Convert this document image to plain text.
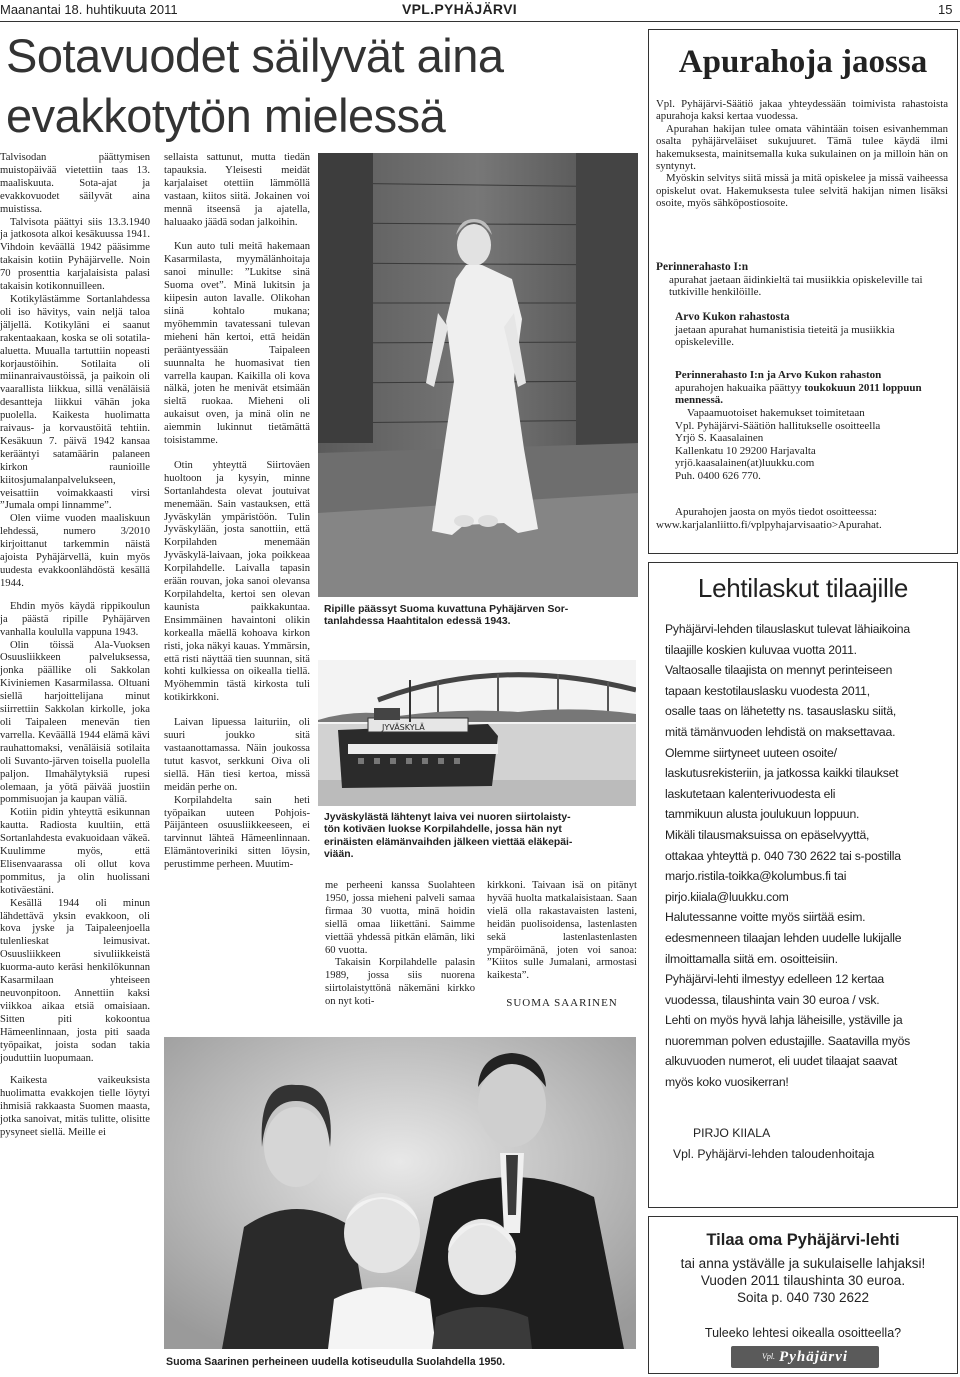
Maanantai 18. huhtikuuta 2011	VPL.PYHÄJÄRVI	15
Sotavuodet säilyvät aina
evakkotytön mielessä

Talvisodan päättymisen muistopäivää vietettiin taas 13. maaliskuuta. Sota-ajat ja evakkovuodet säilyvät aina muistissa.

Talvisota päättyi siis 13.3.1940 ja jatkosota alkoi kesäkuussa 1941. Vihdoin keväällä 1942 pääsimme takaisin kotiin Pyhäjärvelle. Noin 70 prosenttia karjalaisista palasi takaisin kotikonnuilleen.

Kotikylästämme Sortanlahdessa oli iso hävitys, vain neljä taloa jäljellä. Kotikyläni ei saanut rakentaakaan, koska se oli sotatila-aluetta. Muualla tartuttiin nopeasti korjaustöihin. Sotilaita oli miinanraivaustöissä, ja paikoin oli vaarallista liikkua, sillä venäläisiä desantteja liikkui vähän joka puolella. Kaikesta huolimatta raivaus- ja korvaustöitä tehtiin. Kesäkuun 7. päivä 1942 kansaa kerääntyi satamäärin palaneen kirkon raunioille kiitosjumalanpalvelukseen, veisattiin voimakkaasti virsi ”Jumala ompi linnamme”.

Olen viime vuoden maaliskuun lehdessä, numero 3/2010 kirjoittanut tarkemmin näistä ajoista Pyhäjärvellä, kuin myös uudesta evakkoonlähdöstä kesällä 1944.

Ehdin myös käydä rippikoulun ja päästä ripille Pyhäjärven vanhalla koululla vappuna 1943.

Olin töissä Ala-Vuoksen Osuusliikkeen palveluksessa, jonka päällike oli Sakkolan Kiviniemen Kasarmilassa. Oltuani siellä harjoittelijana minut siirrettiin Sakkolan kirkolle, joka oli Taipaleen menevän tien varrella. Keväällä 1944 elämä kävi rauhattomaksi, venäläisiä sotilaita oli Suvanto-järven toisella puolella paljon. Ilmahälytyksiä rupesi olemaan, ja yötä päivää juostiin pommisuojan ja kaupan väliä.

Kotiin pidin yhteyttä esikunnan kautta. Radiosta kuultiin, että Sortanlahdesta evakuoidaan väkeä. Kuulimme myös, että Elisenvaarassa oli ollut kova pommitus, ja olin huolissani kotiväestäni.

Kesällä 1944 oli minun lähdettävä yksin evakkoon, oli kova jyske ja Taipaleenjoella tulenlieskat leimusivat. Osuusliikkeen sivuliikkeistä kuorma-auto keräsi henkilökunnan Kasarmilaan yhteiseen neuvonpitoon. Annettiin kaksi viikkoa aikaa etsiä omaisiaan. Sitten piti kokoontua Hämeenlinnaan, josta piti saada työpaikat, joista sodan takia jouduttiin luopumaan.

Kaikesta vaikeuksista huolimatta evakkojen tielle löytyi ihmisiä rakkaasta Suomen maasta, jotka sanoivat, mitäs tulitte, olisitte pysyneet siellä. Meille ei

sellaista sattunut, mutta tiedän tapauksia. Yleisesti meidät karjalaiset otettiin lämmöllä vastaan, kiitos siitä. Jokainen voi mennä itseensä ja ajatella, haluaako jäädä sodan jalkoihin.

Kun auto tuli meitä hakemaan Kasarmilasta, myymälänhoitaja sanoi minulle: ”Lukitse sinä Suoma ovet”. Minä lukitsin ja kiipesin auton lavalle. Olikohan siinä kohtalo mukana; myöhemmin tavatessani tulevan mieheni hän kertoi, että heidän perääntyessään Taipaleen suunnalta he huomasivat tien varrella kaupan. Kaikilla oli kova nälkä, joten he menivät etsimään sieltä ruokaa. Mieheni oli aukaisut oven, ja minä olin ne aiemmin lukinnut tietämättä toisistamme.

Otin yhteyttä Siirtoväen huoltoon ja kysyin, minne Sortanlahdesta olevat joutuivat menemään. Sain vastauksen, että Jyväskylän ympäristöön. Tulin Jyväskylään, josta sanottiin, että Korpilahden menemään Jyväskylä-laivaan, joka poikkeaa Korpilahdelle. Laivalla tapasin erään rouvan, joka sanoi olevansa Korpilahdelta, kertoi sen olevan kaunista paikkakuntaa. Ensimmäinen havaintoni olikin korkealla mäellä kohoava kirkon risti, joka näkyi kauas. Ymmärsin, että risti näyttää tien suunnan, sitä kohti kulkiessa on oikealla tiellä. Myöhemmin tästä kirkosta tuli kotikirkkoni.

Laivan lipuessa laituriin, oli suuri joukko sitä vastaanottamassa. Näin joukossa tutut kasvot, serkkuni Oiva oli siellä. Hän tiesi kertoa, missä meidän perhe on.

Korpilahdelta sain heti työpaikan uuteen Pohjois-Päijänteen osuusliikkeeseen, ei tarvinnut lähteä Hämeenlinnaan. Elämäntoveriniki sitten löysin, perustimme perheen. Muutim-

Ripille päässyt Suoma kuvattuna Pyhäjärven Sor-
tanlahdessa Haahtitalon edessä 1943.
JYVÄSKYLÄ
Jyväskylästä lähtenyt laiva vei nuoren siirtolaisty-
tön kotiväen luokse Korpilahdelle, jossa hän nyt
erinäisten elämänvaihden jälkeen viettää eläkepäi-
viään.

me perheeni kanssa Suolahteen 1950, jossa mieheni palveli samaa firmaa 30 vuotta, minä hoidin siellä omaa liikettäni. Saimme viettää yhdessä pitkän elämän, liki 60 vuotta.

Takaisin Korpilahdelle palasin 1989, jossa siis nuorena siirtolaistyttönä näkemäni kirkko on nyt koti-

kirkkoni. Taivaan isä on pitänyt hyvää huolta matkalaisistaan. Saan vielä olla rakastavaisten lasteni, heidän puolisoidensa, lastenlasten sekä lastenlastenlasten ympäröimänä, joten voi sanoa: ”Kiitos sulle Jumalani, armostasi kaikesta”.

SUOMA SAARINEN
Suoma Saarinen perheineen uudella kotiseudulla Suolahdella 1950.
Apurahoja jaossa

Vpl. Pyhäjärvi-Säätiö jakaa yhteydessään toimivista rahastoista apurahoja kaksi kertaa vuodessa.

Apurahan hakijan tulee omata vähintään toisen esivanhemman osalta pyhäjärveläiset sukujuuret. Tämä tulee käydä ilmi hakemuksesta, mainitsemalla kuka sukulainen on ja milloin hän on syntynyt.

Myöskin selvitys siitä missä ja mitä opiskelee ja missä vaiheessa opiskelut ovat. Hakemuksesta tulee selvitä hakijan nimen lisäksi osoite, myös sähköpostiosoite.

Perinnerahasto I:n
apurahat jaetaan äidinkieltä tai musiikkia opiskeleville tai tutkiville henkilöille.
Arvo Kukon rahastosta
jaetaan apurahat humanistisia tieteitä ja musiikkia opiskeleville.
Perinnerahasto I:n ja Arvo Kukon rahaston
apurahojen hakuaika päättyy toukokuun 2011 loppuun mennessä.
Vapaamuotoiset hakemukset toimitetaan
Vpl. Pyhäjärvi-Säätiön hallitukselle osoitteella
Yrjö S. Kaasalainen
Kallenkatu 10 29200 Harjavalta
yrjö.kaasalainen(at)luukku.com
Puh. 0400 626 770.
Apurahojen jaosta on myös tiedot osoitteessa:
www.karjalanliitto.fi/vplpyhajarvisaatio>Apurahat.
Lehtilaskut tilaajille
Pyhäjärvi-lehden tilauslaskut tulevat lähiaikoina
tilaajille koskien kuluvaa vuotta 2011.
Valtaosalle tilaajista on mennyt perinteiseen
tapaan kestotilauslasku vuodesta 2011,
osalle taas on lähetetty ns. tasauslasku siitä,
mitä tämänvuoden lehdistä on maksettavaa.
Olemme siirtyneet uuteen osoite/
laskutusrekisteriin, ja jatkossa kaikki tilaukset
laskutetaan kalenterivuodesta eli
tammikuun alusta joulukuun loppuun.
Mikäli tilausmaksuissa on epäselvyyttä,
ottakaa yhteyttä p. 040 730 2622 tai s-postilla
marjo.ristila-toikka@kolumbus.fi tai
pirjo.kiiala@luukku.com
Halutessanne voitte myös siirtää esim.
edesmenneen tilaajan lehden uudelle lukijalle
ilmoittamalla siitä em. osoitteisiin.
Pyhäjärvi-lehti ilmestyy edelleen 12 kertaa
vuodessa, tilaushinta vain 30 euroa / vsk.
Lehti on myös hyvä lahja läheisille, ystäville ja
nuoremman polven edustajille. Saatavilla myös
alkuvuoden numerot, eli uudet tilaajat saavat
myös koko vuosikerran!
PIRJO KIIALA
Vpl. Pyhäjärvi-lehden taloudenhoitaja
Tilaa oma Pyhäjärvi-lehti
tai anna ystävälle ja sukulaiselle lahjaksi!
Vuoden 2011 tilaushinta 30 euroa.
Soita p. 040 730 2622
Tuleeko lehtesi oikealla osoitteella?
$^{Vpl.}$ Pyhäjärvi
